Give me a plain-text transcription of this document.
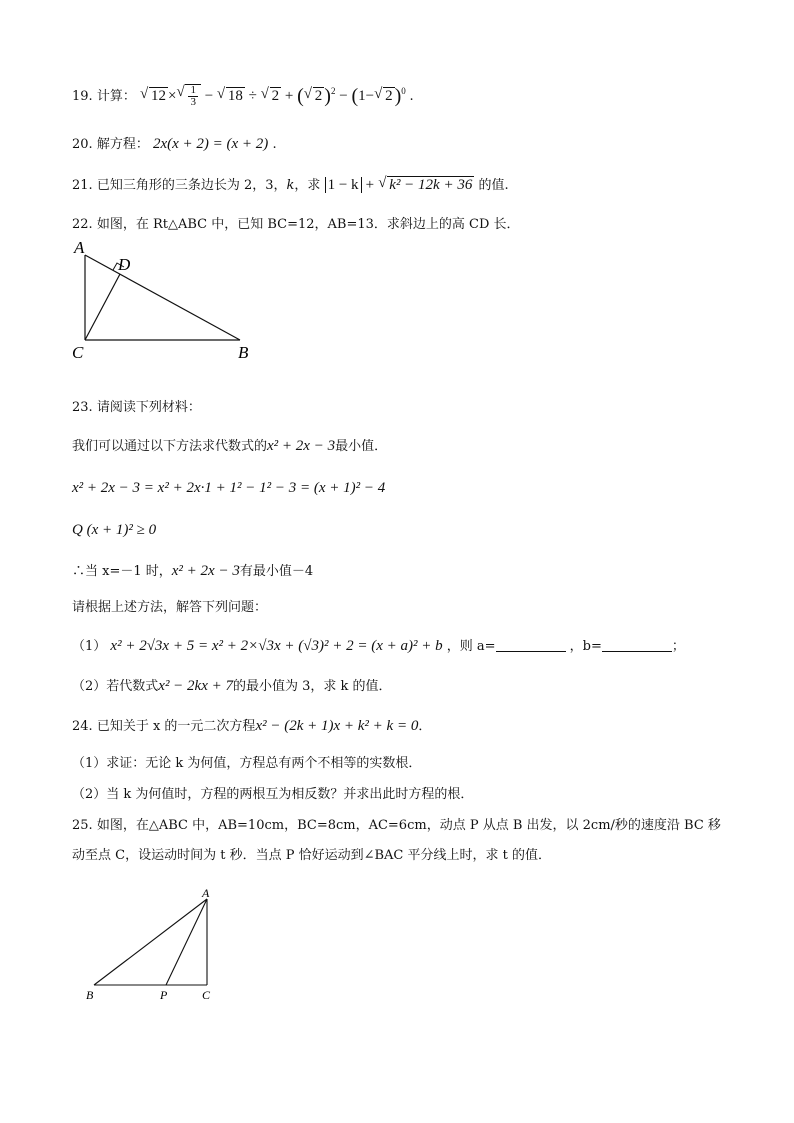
19. 计算： √ 12 × √ $\frac{1}{3}$ − √ 18 ÷ √ 2 + ( √ 2 )$^2$ − (1− √ 2 )$^0$ .
20. 解方程： 2x(x + 2) = (x + 2) .
21. 已知三角形的三条边长为 2，3，k，求 1 − k + √ k² − 12k + 36 的值.
22. 如图，在 Rt△ABC 中，已知 BC=12，AB=13．求斜边上的高 CD 长．
A
D
C	B
23. 请阅读下列材料：
我们可以通过以下方法求代数式的x² + 2x − 3最小值．
x² + 2x − 3 = x² + 2x·1 + 1² − 1² − 3 = (x + 1)² − 4
Q (x + 1)² ≥ 0
∴当 x=－1 时，x² + 2x − 3有最小值－4
请根据上述方法，解答下列问题：
（1） x² + 2√3x + 5 = x² + 2×√3x + (√3)² + 2 = (x + a)² + b ，则 a=	，b=	；
（2）若代数式x² − 2kx + 7的最小值为 3，求 k 的值．
24. 已知关于 x 的一元二次方程x² − (2k + 1)x + k² + k = 0．
（1）求证：无论 k 为何值，方程总有两个不相等的实数根．
（2）当 k 为何值时，方程的两根互为相反数？并求出此时方程的根．
25. 如图，在△ABC 中，AB=10cm，BC=8cm，AC=6cm，动点 P 从点 B 出发，以 2cm/秒的速度沿 BC 移
动至点 C，设运动时间为 t 秒．当点 P 恰好运动到∠BAC 平分线上时，求 t 的值．
A
B	P	C
